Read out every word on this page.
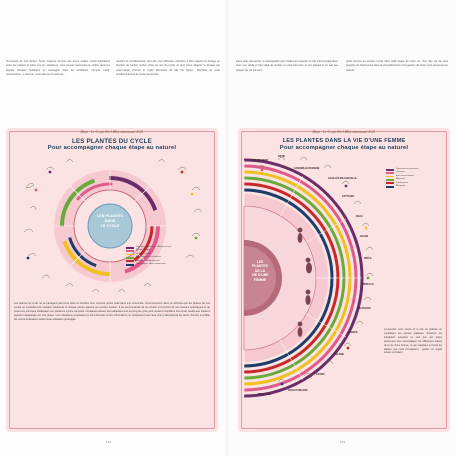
ch-trouvée de tout lâcher. Tenez toujours compte des éven- tuelles contre-indications selon les plantes et selon vos an- técédents, vous pouvez aussi bien le vérifier dans les plantes choisies (cultivées ou sauvages, dans de conditions, compte- ment, conservation...). Aucune, vous êtes sur le point de...
récoltes et conditionnées, plus elle sont efficaces. Attention à bien adapter le dosage en fonction de l'action recher- chée (et non du cycle) ou plus (vous adaptez le dosage par vous-même, Prenez le Cycle Menstruel de Ma Vie Après... Maryline de votre conditionnement du cycle menstruel).
Maïa - Le Corps Réel #Reconnaissant 2021
LES PLANTES DU CYCLE
Pour accompagner chaque étape au naturel
LES PLANTES
DANS
LE CYCLE
Préparation de l'ovulation - Abondance cycle
Réduire les règles
Ovulation et fertilité
Régulation du cycle et douleurs
Maintenir l'équilibre hormonal
Cycle irrégulier - Après contraception
Les plantes du cycle ne se partagent pas entre elles en fonction d'un moment précis mais dans leur ensemble. Vous trouverez dans ce schéma que les phases de vos cycles se succèdent de manière cohérente et chaque plante apporte son propre soutien. Il est recommandé de les choisir en fonction de vos besoins spécifiques et de suivre les principes d'utilisation sur plusieurs cycles complets. Certaines plantes sont adaptées tout au long du cycle pour soutenir l'équilibre hormonal, tandis que d'autres agissent davantage sur une phase. Les indications proposées ici sont données à titre informatif et ne remplacent pas l'avis d'un professionnel de santé. Pensez à vérifier les contre-indications avant toute utilisation prolongée.
172
Dans cette démarche, la naturopathie peut réellement épauler le rôle d'accompagnateur avec une vieille et bien déjà de soutien et votre bien-être et ces plantes si on sait ses phases de vie qui sont...
parle comme un soutien moral dans cette étape de votre vie. Son rôle est de vous apporter de l'autonomie dans la compréhension et la gestion de votre cycle menstruel au naturel.
Maïa - Le Corps Réel #Reconnaissant 2021
LES PLANTES DANS LA VIE D'UNE FEMME
Pour accompagner chaque étape au naturel
LES
PLANTES
DE LA
VIE D'UNE
FEMME
FRAMBOISIER
ORTIE
CAMOMILLE ROMAINE
ACHILLÉE MILLEFEUILLE
GATTILIER
MACA
SAUGE
PRÊLE
TRIBULUS
SHATAVARI
FENOUIL
MÉLISSE
CASSIS
HUILE D'ONAGRE
FENUGREC
Préparation de la grossesse
Grossesse
Après l'accouchement
Allaitement
Préménopause
Ménopause
L'ensemble, nous vivons ici le rôle du praticien en conduisant ces plantes adaptées. Toutefois, les indications suivantes ne sont que des pistes précieuses pour accompagner les différentes étapes de la vie d'une femme, ce qui s'applique à toutes les plantes que nous connaissons ; gardez un regard éclairé et prudent.
173
